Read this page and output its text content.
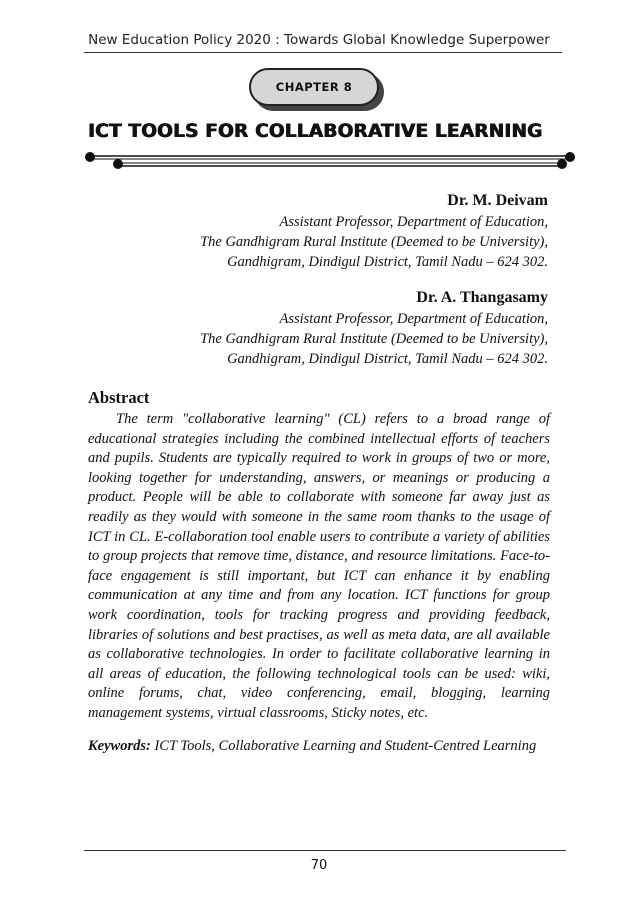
New Education Policy 2020 : Towards Global Knowledge Superpower
CHAPTER 8
ICT TOOLS FOR COLLABORATIVE LEARNING
Dr. M. Deivam
Assistant Professor, Department of Education,
The Gandhigram Rural Institute (Deemed to be University),
Gandhigram, Dindigul District, Tamil Nadu – 624 302.
Dr. A. Thangasamy
Assistant Professor, Department of Education,
The Gandhigram Rural Institute (Deemed to be University),
Gandhigram, Dindigul District, Tamil Nadu – 624 302.
Abstract

The term "collaborative learning" (CL) refers to a broad range of educational strategies including the combined intellectual efforts of teachers and pupils. Students are typically required to work in groups of two or more, looking together for understanding, answers, or meanings or producing a product. People will be able to collaborate with someone far away just as readily as they would with someone in the same room thanks to the usage of ICT in CL. E-collaboration tool enable users to contribute a variety of abilities to group projects that remove time, distance, and resource limitations. Face-to-face engagement is still important, but ICT can enhance it by enabling communication at any time and from any location. ICT functions for group work coordination, tools for tracking progress and providing feedback, libraries of solutions and best practises, as well as meta data, are all available as collaborative technologies. In order to facilitate collaborative learning in all areas of education, the following technological tools can be used: wiki, online forums, chat, video conferencing, email, blogging, learning management systems, virtual classrooms, Sticky notes, etc.

Keywords: ICT Tools, Collaborative Learning and Student-Centred Learning

70
